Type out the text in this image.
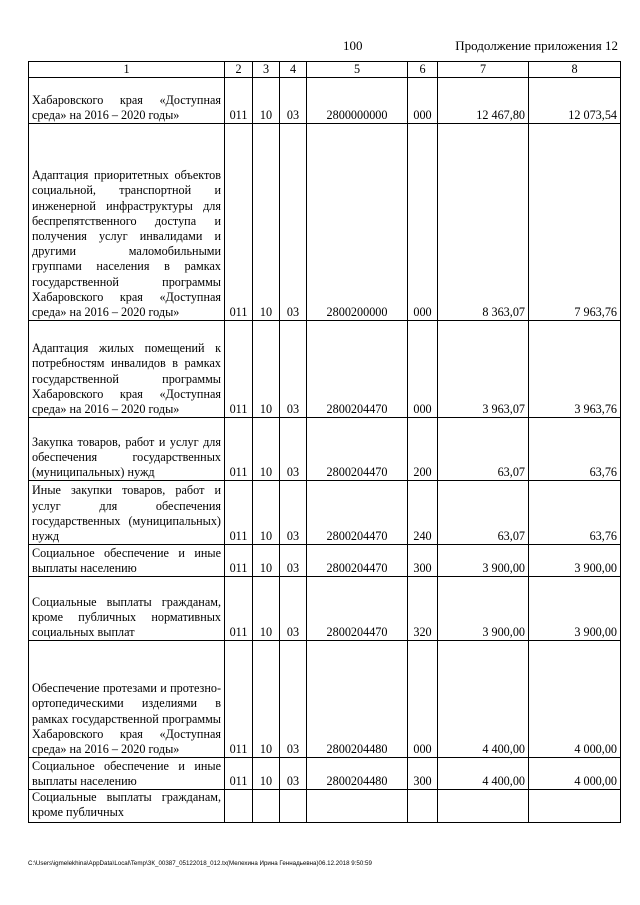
100	Продолжение приложения 12
1	2	3	4	5	6	7	8
Хабаровского края «Доступная среда» на 2016 – 2020 годы»	011	10	03	2800000000	000	12 467,80	12 073,54
Адаптация приоритетных объектов социальной, транспортной и инженерной инфраструктуры для беспрепятственного доступа и получения услуг инвалидами и другими маломобильными группами населения в рамках государственной программы Хабаровского края «Доступная среда» на 2016 – 2020 годы»	011	10	03	2800200000	000	8 363,07	7 963,76
Адаптация жилых помещений к потребностям инвалидов в рамках государственной программы Хабаровского края «Доступная среда» на 2016 – 2020 годы»	011	10	03	2800204470	000	3 963,07	3 963,76
Закупка товаров, работ и услуг для обеспечения государственных (муниципальных) нужд	011	10	03	2800204470	200	63,07	63,76
Иные закупки товаров, работ и услуг для обеспечения государственных (муниципальных) нужд	011	10	03	2800204470	240	63,07	63,76
Социальное обеспечение и иные выплаты населению	011	10	03	2800204470	300	3 900,00	3 900,00
Социальные выплаты гражданам, кроме публичных нормативных социальных выплат	011	10	03	2800204470	320	3 900,00	3 900,00
Обеспечение протезами и протезно-ортопедическими изделиями в рамках государственной программы Хабаровского края «Доступная среда» на 2016 – 2020 годы»	011	10	03	2800204480	000	4 400,00	4 000,00
Социальное обеспечение и иные выплаты населению	011	10	03	2800204480	300	4 400,00	4 000,00
Социальные выплаты гражданам, кроме публичных							
C:\Users\igmelekhina\AppData\Local\Temp\ЗК_00387_05122018_012.tx(Мелехина Ирина Геннадьевна)06.12.2018 9:50:59
